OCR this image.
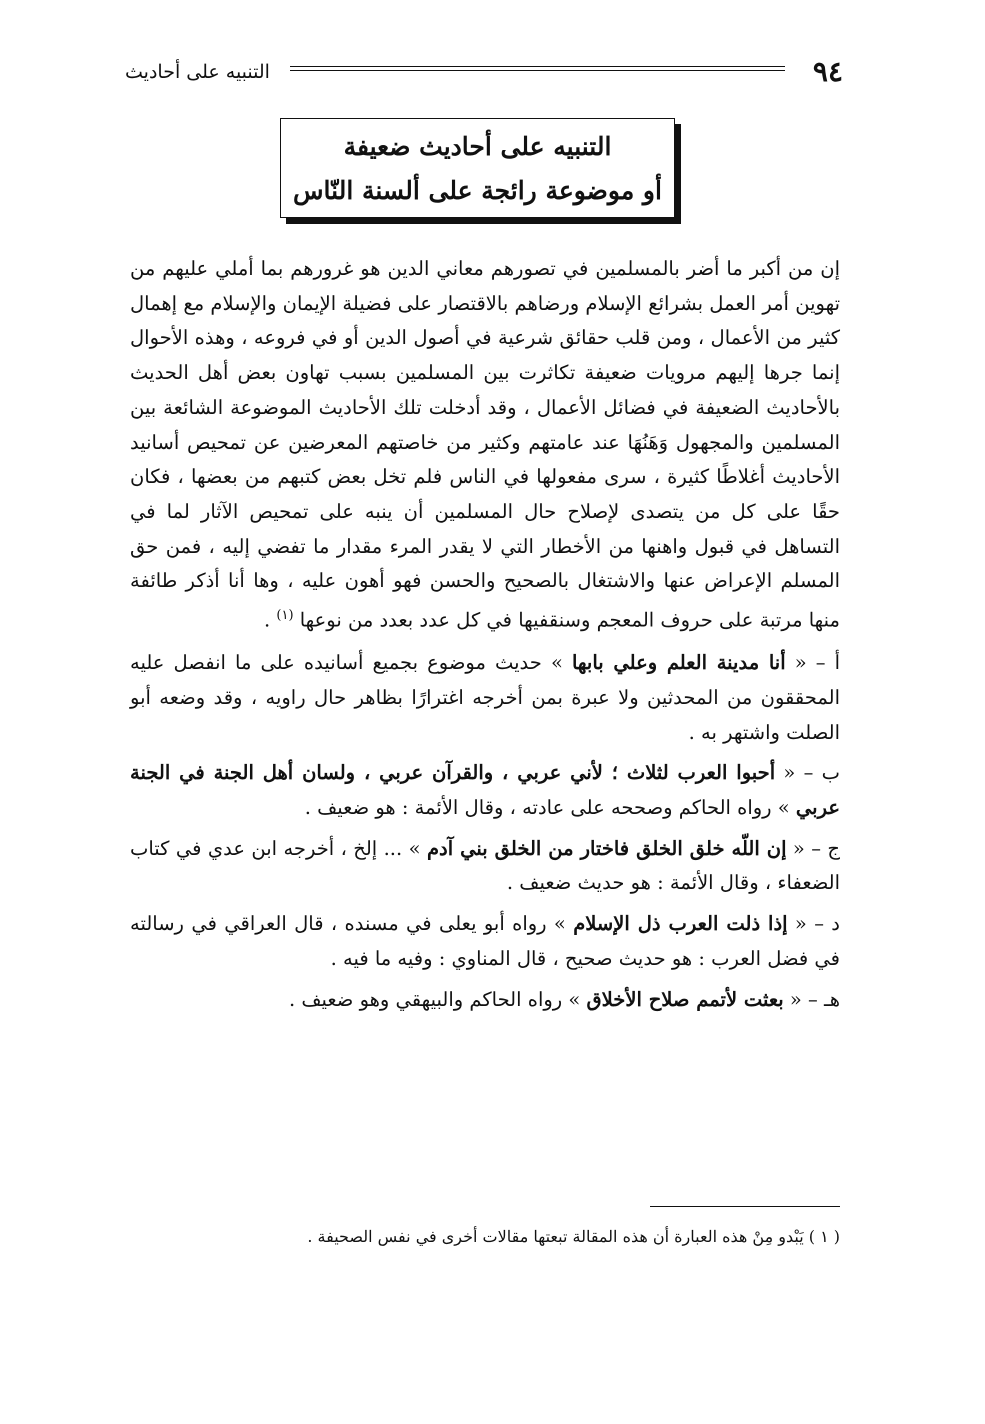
٩٤
التنبيه على أحاديث
التنبيه على أحاديث ضعيفة
أو موضوعة رائجة على ألسنة النّاس

إن من أكبر ما أضر بالمسلمين في تصورهم معاني الدين هو غرورهم بما أملي عليهم من تهوين أمر العمل بشرائع الإسلام ورضاهم بالاقتصار على فضيلة الإيمان والإسلام مع إهمال كثير من الأعمال ، ومن قلب حقائق شرعية في أصول الدين أو في فروعه ، وهذه الأحوال إنما جرها إليهم مرويات ضعيفة تكاثرت بين المسلمين بسبب تهاون بعض أهل الحديث بالأحاديث الضعيفة في فضائل الأعمال ، وقد أدخلت تلك الأحاديث الموضوعة الشائعة بين المسلمين والمجهول وَهَنُهَا عند عامتهم وكثير من خاصتهم المعرضين عن تمحيص أسانيد الأحاديث أغلاطًا كثيرة ، سرى مفعولها في الناس فلم تخل بعض كتبهم من بعضها ، فكان حقًا على كل من يتصدى لإصلاح حال المسلمين أن ينبه على تمحيص الآثار لما في التساهل في قبول واهنها من الأخطار التي لا يقدر المرء مقدار ما تفضي إليه ، فمن حق المسلم الإعراض عنها والاشتغال بالصحيح والحسن فهو أهون عليه ، وها أنا أذكر طائفة منها مرتبة على حروف المعجم وسنقفيها في كل عدد بعدد من نوعها $^{(١)}$ .

أ – « أنا مدينة العلم وعلي بابها » حديث موضوع بجميع أسانيده على ما انفصل عليه المحققون من المحدثين ولا عبرة بمن أخرجه اغترارًا بظاهر حال راويه ، وقد وضعه أبو الصلت واشتهر به .

ب – « أحبوا العرب لثلاث ؛ لأني عربي ، والقرآن عربي ، ولسان أهل الجنة في الجنة عربي » رواه الحاكم وصححه على عادته ، وقال الأئمة : هو ضعيف .

ج – « إن اللّه خلق الخلق فاختار من الخلق بني آدم » ... إلخ ، أخرجه ابن عدي في كتاب الضعفاء ، وقال الأئمة : هو حديث ضعيف .

د – « إذا ذلت العرب ذل الإسلام » رواه أبو يعلى في مسنده ، قال العراقي في رسالته في فضل العرب : هو حديث صحيح ، قال المناوي : وفيه ما فيه .

هـ – « بعثت لأتمم صلاح الأخلاق » رواه الحاكم والبيهقي وهو ضعيف .

( ١ ) يَبْدو مِنْ هذه العبارة أن هذه المقالة تبعتها مقالات أخرى في نفس الصحيفة .
